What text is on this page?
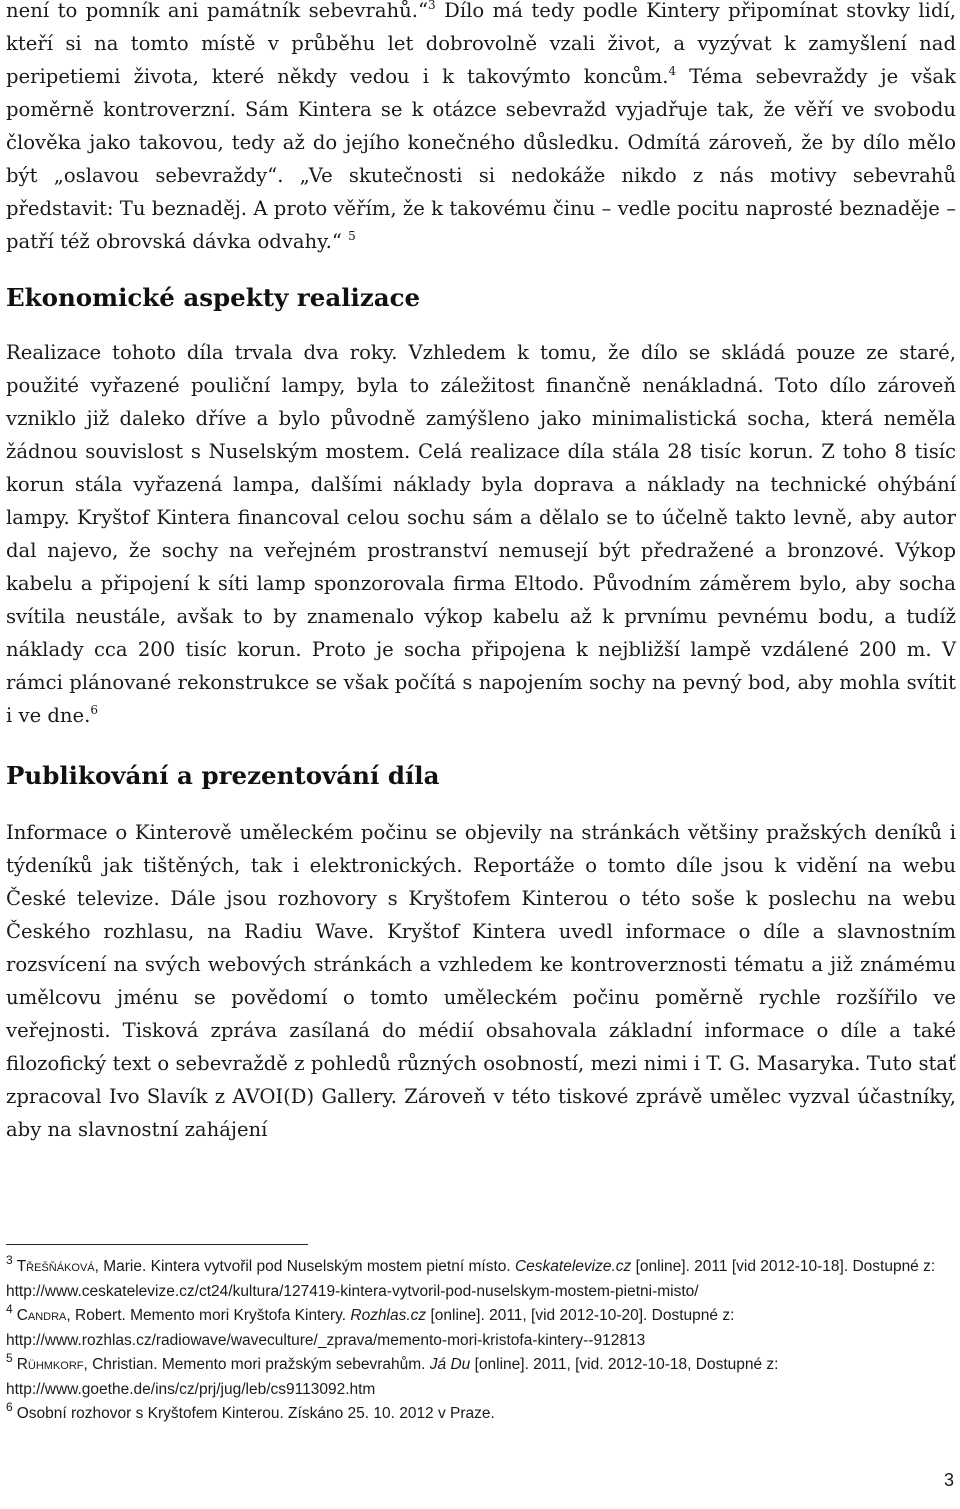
není to pomník ani památník sebevrahů.“$^3$ Dílo má tedy podle Kintery připomínat stovky lidí, kteří si na tomto místě v průběhu let dobrovolně vzali život, a vyzývat k zamyšlení nad peripetiemi života, které někdy vedou i k takovýmto koncům.$^4$ Téma sebevraždy je však poměrně kontroverzní. Sám Kintera se k otázce sebevražd vyjadřuje tak, že věří ve svobodu člověka jako takovou, tedy až do jejího konečného důsledku. Odmítá zároveň, že by dílo mělo být „oslavou sebevraždy“. „Ve skutečnosti si nedokáže nikdo z nás motivy sebevrahů představit: Tu beznaděj. A proto věřím, že k takovému činu – vedle pocitu naprosté beznaděje – patří též obrovská dávka odvahy.“ $^5$

Ekonomické aspekty realizace

Realizace tohoto díla trvala dva roky. Vzhledem k tomu, že dílo se skládá pouze ze staré, použité vyřazené pouliční lampy, byla to záležitost finančně nenákladná. Toto dílo zároveň vzniklo již daleko dříve a bylo původně zamýšleno jako minimalistická socha, která neměla žádnou souvislost s Nuselským mostem. Celá realizace díla stála 28 tisíc korun. Z toho 8 tisíc korun stála vyřazená lampa, dalšími náklady byla doprava a náklady na technické ohýbání lampy. Kryštof Kintera financoval celou sochu sám a dělalo se to účelně takto levně, aby autor dal najevo, že sochy na veřejném prostranství nemusejí být předražené a bronzové. Výkop kabelu a připojení k síti lamp sponzorovala firma Eltodo. Původním záměrem bylo, aby socha svítila neustále, avšak to by znamenalo výkop kabelu až k prvnímu pevnému bodu, a tudíž náklady cca 200 tisíc korun. Proto je socha připojena k nejbližší lampě vzdálené 200 m. V rámci plánované rekonstrukce se však počítá s napojením sochy na pevný bod, aby mohla svítit i ve dne.$^6$

Publikování a prezentování díla

Informace o Kinterově uměleckém počinu se objevily na stránkách většiny pražských deníků i týdeníků jak tištěných, tak i elektronických. Reportáže o tomto díle jsou k vidění na webu České televize. Dále jsou rozhovory s Kryštofem Kinterou o této soše k poslechu na webu Českého rozhlasu, na Radiu Wave. Kryštof Kintera uvedl informace o díle a slavnostním rozsvícení na svých webových stránkách a vzhledem ke kontroverznosti tématu a již známému umělcovu jménu se povědomí o tomto uměleckém počinu poměrně rychle rozšířilo ve veřejnosti. Tisková zpráva zasílaná do médií obsahovala základní informace o díle a také filozofický text o sebevraždě z pohledů různých osobností, mezi nimi i T. G. Masaryka. Tuto stať zpracoval Ivo Slavík z AVOI(D) Gallery. Zároveň v této tiskové zprávě umělec vyzval účastníky, aby na slavnostní zahájení

$^3$ Třešňáková, Marie. Kintera vytvořil pod Nuselským mostem pietní místo. Ceskatelevize.cz [online]. 2011 [vid 2012-10-18]. Dostupné z: http://www.ceskatelevize.cz/ct24/kultura/127419-kintera-vytvoril-pod-nuselskym-mostem-pietni-misto/

$^4$ Candra, Robert. Memento mori Kryštofa Kintery. Rozhlas.cz [online]. 2011, [vid 2012-10-20]. Dostupné z: http://www.rozhlas.cz/radiowave/waveculture/_zprava/memento-mori-kristofa-kintery--912813

$^5$ Rühmkorf, Christian. Memento mori pražským sebevrahům. Já Du [online]. 2011, [vid. 2012-10-18, Dostupné z: http://www.goethe.de/ins/cz/prj/jug/leb/cs9113092.htm

$^6$ Osobní rozhovor s Kryštofem Kinterou. Získáno 25. 10. 2012 v Praze.

3
